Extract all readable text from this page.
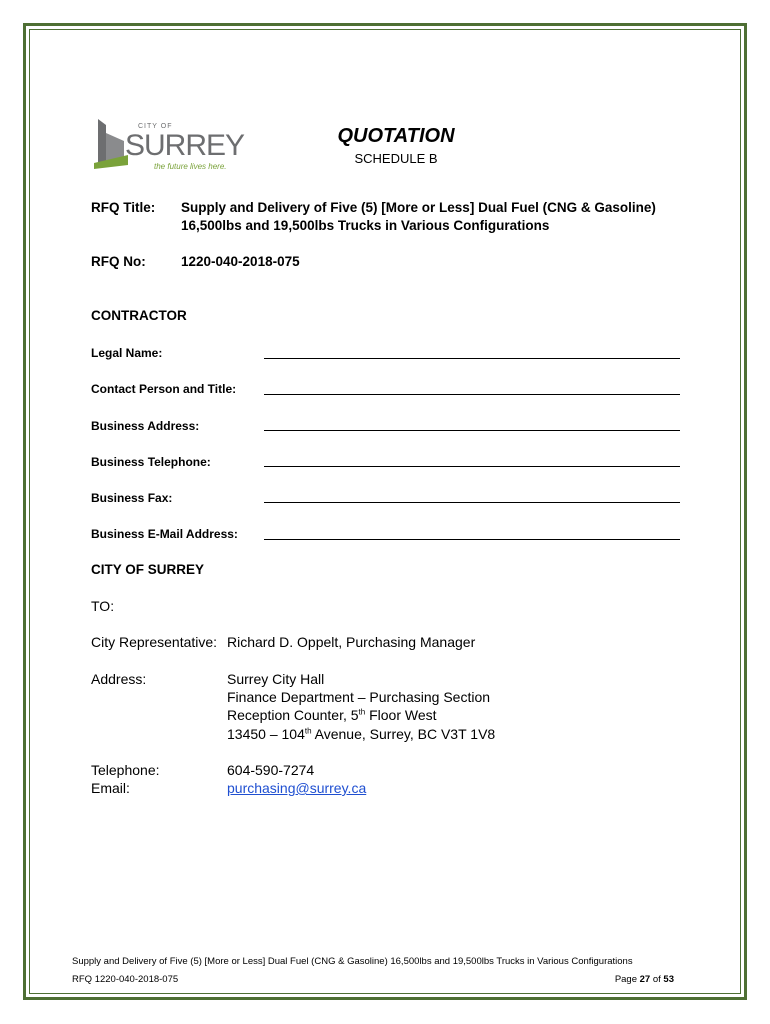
CITY OF
SURREY
the future lives here.
QUOTATION
SCHEDULE B
RFQ Title: Supply and Delivery of Five (5) [More or Less] Dual Fuel (CNG & Gasoline)
16,500lbs and 19,500lbs Trucks in Various Configurations
RFQ No:	1220-040-2018-075
CONTRACTOR
Legal Name:
Contact Person and Title:
Business Address:
Business Telephone:
Business Fax:
Business E-Mail Address:
CITY OF SURREY
TO:
City Representative: Richard D. Oppelt, Purchasing Manager
Address:	Surrey City Hall
Finance Department – Purchasing Section
Reception Counter, 5th Floor West
13450 – 104th Avenue, Surrey, BC V3T 1V8
Telephone:	604-590-7274
Email:	purchasing@surrey.ca
Supply and Delivery of Five (5) [More or Less] Dual Fuel (CNG & Gasoline) 16,500lbs and 19,500lbs Trucks in Various Configurations
RFQ 1220-040-2018-075	Page 27 of 53
